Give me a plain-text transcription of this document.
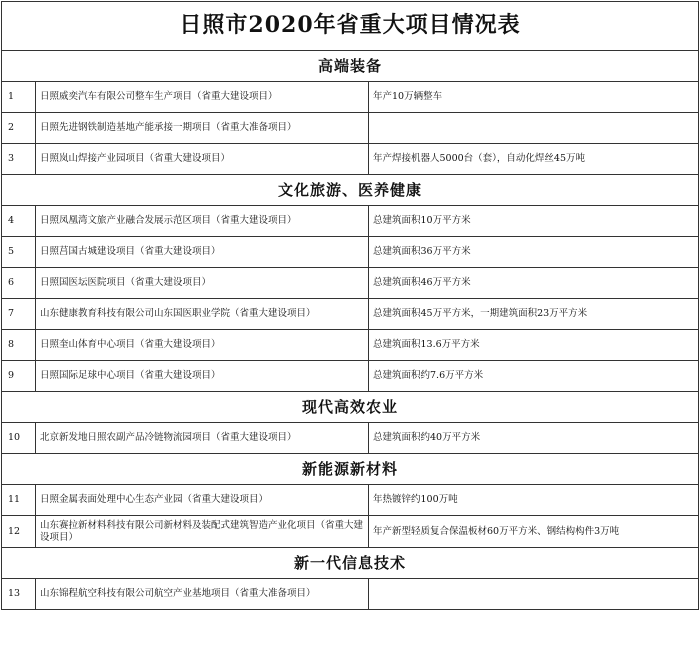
日照市2020年省重大项目情况表		
高端装备		
1	日照威奕汽车有限公司整车生产项目（省重大建设项目）	年产10万辆整车
2	日照先进钢铁制造基地产能承接一期项目（省重大准备项目）	
3	日照岚山焊接产业园项目（省重大建设项目）	年产焊接机器人5000台（套），自动化焊丝45万吨
文化旅游、医养健康		
4	日照凤凰湾文旅产业融合发展示范区项目（省重大建设项目）	总建筑面积10万平方米
5	日照莒国古城建设项目（省重大建设项目）	总建筑面积36万平方米
6	日照国医坛医院项目（省重大建设项目）	总建筑面积46万平方米
7	山东健康教育科技有限公司山东国医职业学院（省重大建设项目）	总建筑面积45万平方米，一期建筑面积23万平方米
8	日照奎山体育中心项目（省重大建设项目）	总建筑面积13.6万平方米
9	日照国际足球中心项目（省重大建设项目）	总建筑面积约7.6万平方米
现代高效农业		
10	北京新发地日照农副产品冷链物流园项目（省重大建设项目）	总建筑面积约40万平方米
新能源新材料		
11	日照金属表面处理中心生态产业园（省重大建设项目）	年热镀锌约100万吨
12	山东赛拉新材料科技有限公司新材料及装配式建筑智造产业化项目（省重大建设项目）	年产新型轻质复合保温板材60万平方米、钢结构构件3万吨
新一代信息技术		
13	山东锦程航空科技有限公司航空产业基地项目（省重大准备项目）	
